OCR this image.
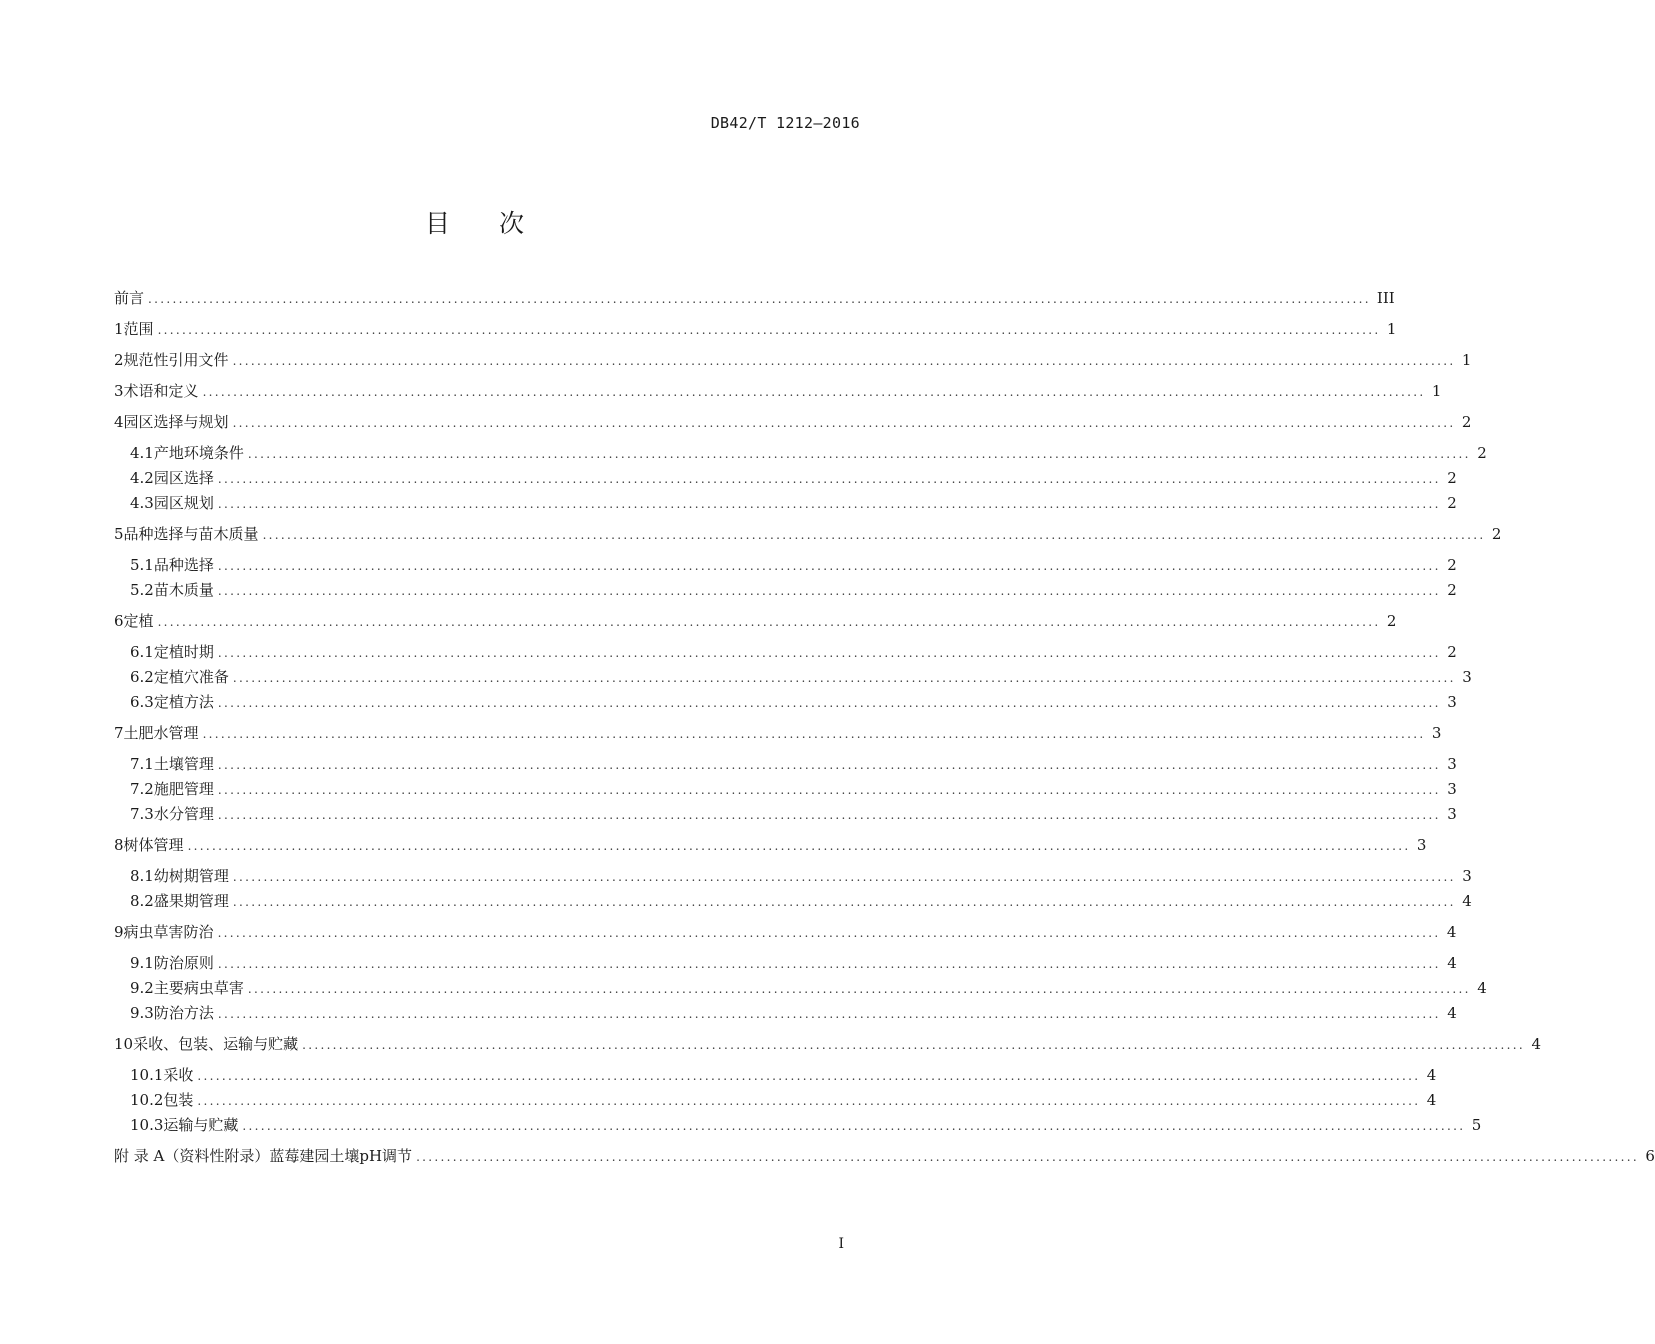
DB42/T 1212—2016
目 次
前言 ........................................................................................................................................................................................................ III
1 范围 ........................................................................................................................................................................................................ 1
2 规范性引用文件 ........................................................................................................................................................................................................ 1
3 术语和定义 ........................................................................................................................................................................................................ 1
4 园区选择与规划 ........................................................................................................................................................................................................ 2
4.1 产地环境条件 ........................................................................................................................................................................................................ 2
4.2 园区选择 ........................................................................................................................................................................................................ 2
4.3 园区规划 ........................................................................................................................................................................................................ 2
5 品种选择与苗木质量 ........................................................................................................................................................................................................ 2
5.1 品种选择 ........................................................................................................................................................................................................ 2
5.2 苗木质量 ........................................................................................................................................................................................................ 2
6 定植 ........................................................................................................................................................................................................ 2
6.1 定植时期 ........................................................................................................................................................................................................ 2
6.2 定植穴准备 ........................................................................................................................................................................................................ 3
6.3 定植方法 ........................................................................................................................................................................................................ 3
7 土肥水管理 ........................................................................................................................................................................................................ 3
7.1 土壤管理 ........................................................................................................................................................................................................ 3
7.2 施肥管理 ........................................................................................................................................................................................................ 3
7.3 水分管理 ........................................................................................................................................................................................................ 3
8 树体管理 ........................................................................................................................................................................................................ 3
8.1 幼树期管理 ........................................................................................................................................................................................................ 3
8.2 盛果期管理 ........................................................................................................................................................................................................ 4
9 病虫草害防治 ........................................................................................................................................................................................................ 4
9.1 防治原则 ........................................................................................................................................................................................................ 4
9.2 主要病虫草害 ........................................................................................................................................................................................................ 4
9.3 防治方法 ........................................................................................................................................................................................................ 4
10 采收、包装、运输与贮藏 ........................................................................................................................................................................................................ 4
10.1 采收 ........................................................................................................................................................................................................ 4
10.2 包装 ........................................................................................................................................................................................................ 4
10.3 运输与贮藏 ........................................................................................................................................................................................................ 5
附 录 A（资料性附录）蓝莓建园土壤pH调节 ........................................................................................................................................................................................................ 6
I
